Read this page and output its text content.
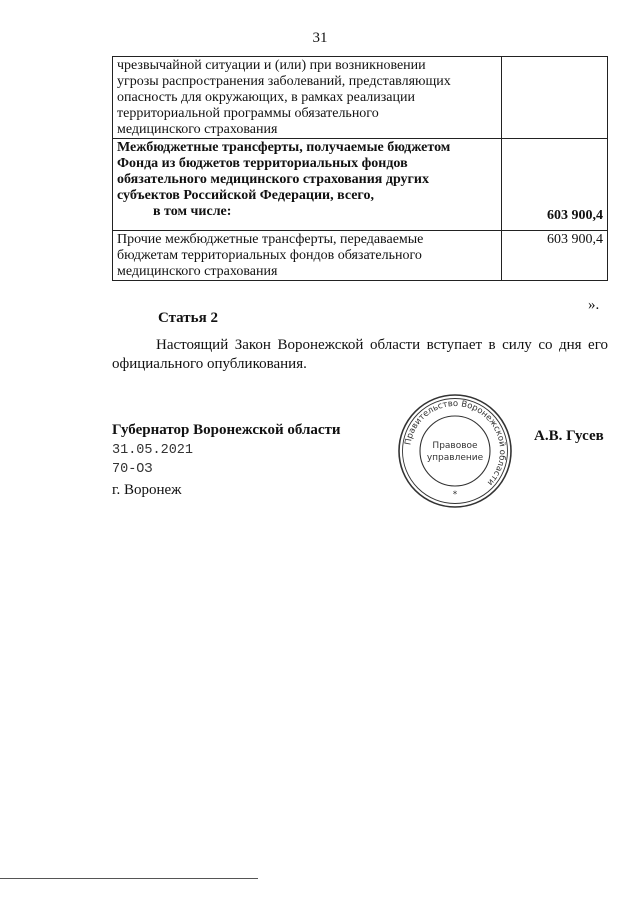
31
чрезвычайной ситуации и (или) при возникновении
угрозы распространения заболеваний, представляющих
опасность для окружающих, в рамках реализации
территориальной программы обязательного
медицинского страхования	

Межбюджетные трансферты, получаемые бюджетом
Фонда из бюджетов территориальных фондов
обязательного медицинского страхования других
субъектов Российской Федерации, всего,
в том числе:	603 900,4

Прочие межбюджетные трансферты, передаваемые
бюджетам территориальных фондов обязательного
медицинского страхования	603 900,4
».
Статья 2
Настоящий Закон Воронежской области вступает в силу со дня его официального опубликования.
Губернатор Воронежской области
31.05.2021
70-ОЗ
г. Воронеж
Правительство Воронежской области
Правовое
управление
*
А.В. Гусев
